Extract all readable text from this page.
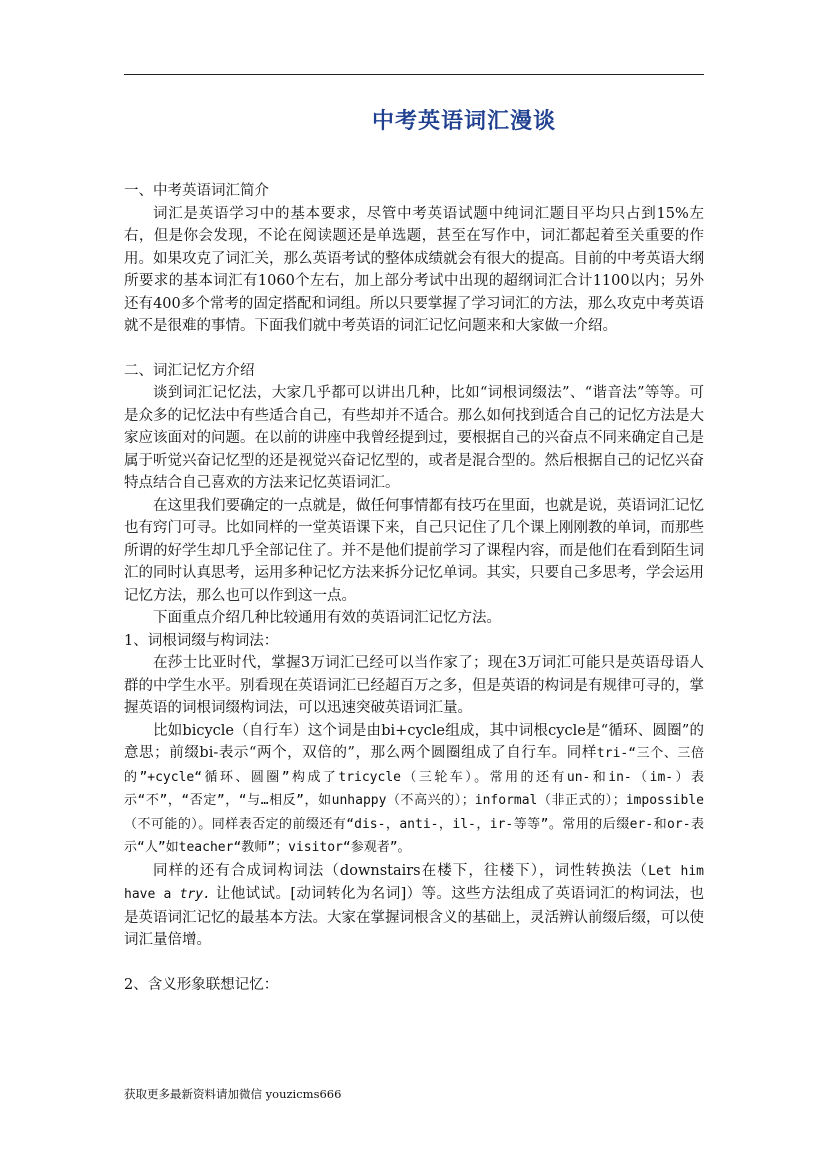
中考英语词汇漫谈

一、中考英语词汇简介

词汇是英语学习中的基本要求，尽管中考英语试题中纯词汇题目平均只占到15%左右，但是你会发现，不论在阅读题还是单选题，甚至在写作中，词汇都起着至关重要的作用。如果攻克了词汇关，那么英语考试的整体成绩就会有很大的提高。目前的中考英语大纲所要求的基本词汇有1060个左右，加上部分考试中出现的超纲词汇合计1100以内；另外还有400多个常考的固定搭配和词组。所以只要掌握了学习词汇的方法，那么攻克中考英语就不是很难的事情。下面我们就中考英语的词汇记忆问题来和大家做一介绍。

二、词汇记忆方介绍

谈到词汇记忆法，大家几乎都可以讲出几种，比如“词根词缀法”、“谐音法”等等。可是众多的记忆法中有些适合自己，有些却并不适合。那么如何找到适合自己的记忆方法是大家应该面对的问题。在以前的讲座中我曾经提到过，要根据自己的兴奋点不同来确定自己是属于听觉兴奋记忆型的还是视觉兴奋记忆型的，或者是混合型的。然后根据自己的记忆兴奋特点结合自己喜欢的方法来记忆英语词汇。

在这里我们要确定的一点就是，做任何事情都有技巧在里面，也就是说，英语词汇记忆也有窍门可寻。比如同样的一堂英语课下来，自己只记住了几个课上刚刚教的单词，而那些所谓的好学生却几乎全部记住了。并不是他们提前学习了课程内容，而是他们在看到陌生词汇的同时认真思考，运用多种记忆方法来拆分记忆单词。其实，只要自己多思考，学会运用记忆方法，那么也可以作到这一点。

下面重点介绍几种比较通用有效的英语词汇记忆方法。

1、词根词缀与构词法：

在莎士比亚时代，掌握3万词汇已经可以当作家了；现在3万词汇可能只是英语母语人群的中学生水平。别看现在英语词汇已经超百万之多，但是英语的构词是有规律可寻的，掌握英语的词根词缀构词法，可以迅速突破英语词汇量。

比如bicycle（自行车）这个词是由bi+cycle组成，其中词根cycle是“循环、圆圈”的意思；前缀bi-表示“两个，双倍的”，那么两个圆圈组成了自行车。同样tri-“三个、三倍的”+cycle“循环、圆圈”构成了tricycle（三轮车）。常用的还有un-和in-（im-）表示“不”，“否定”，“与…相反”，如unhappy（不高兴的）；informal（非正式的）；impossible（不可能的）。同样表否定的前缀还有“dis-，anti-，il-，ir-等等”。常用的后缀er-和or-表示“人”如teacher“教师”；visitor“参观者”。

同样的还有合成词构词法（downstairs在楼下，往楼下），词性转换法（Let him have a try. 让他试试。[动词转化为名词]）等。这些方法组成了英语词汇的构词法，也是英语词汇记忆的最基本方法。大家在掌握词根含义的基础上，灵活辨认前缀后缀，可以使词汇量倍增。

2、含义形象联想记忆：

获取更多最新资料请加微信 youzicms666
